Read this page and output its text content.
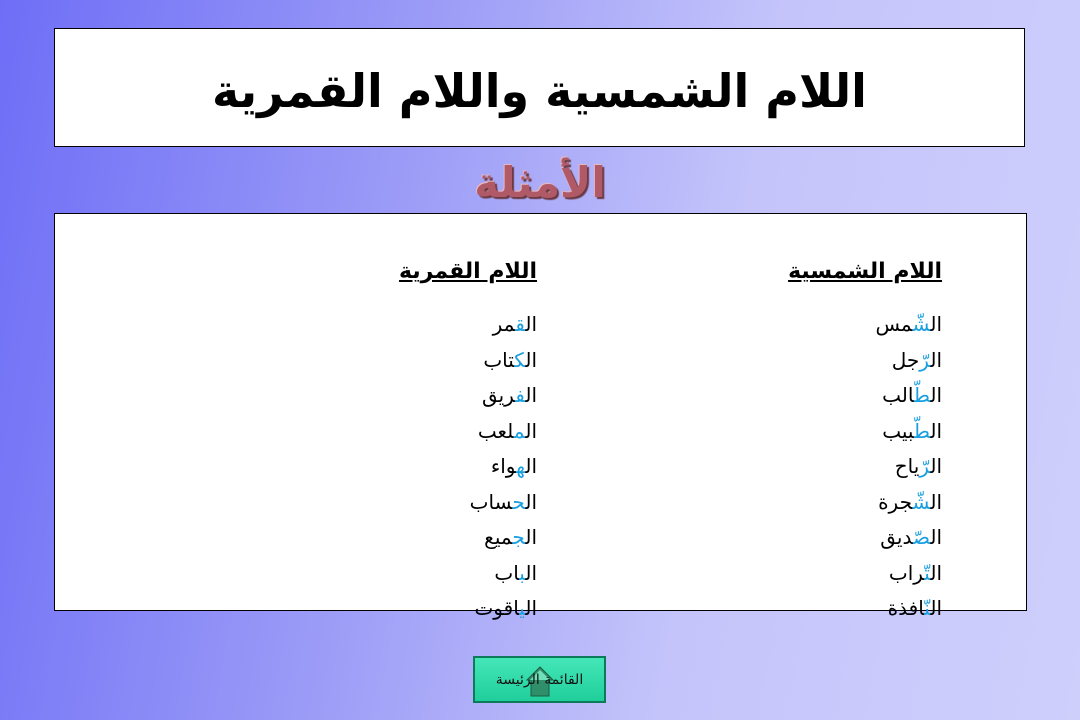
اللام الشمسية واللام القمرية
الأمثلة
اللام الشمسية
الشّمس
الرّجل
الطّالب
الطّبيب
الرّياح
الشّجرة
الصّديق
التّراب
النّافذة
اللام القمرية
القمر
الكتاب
الفريق
الملعب
الهواء
الحساب
الجميع
الباب
الياقوت
القائمة الرئيسة
